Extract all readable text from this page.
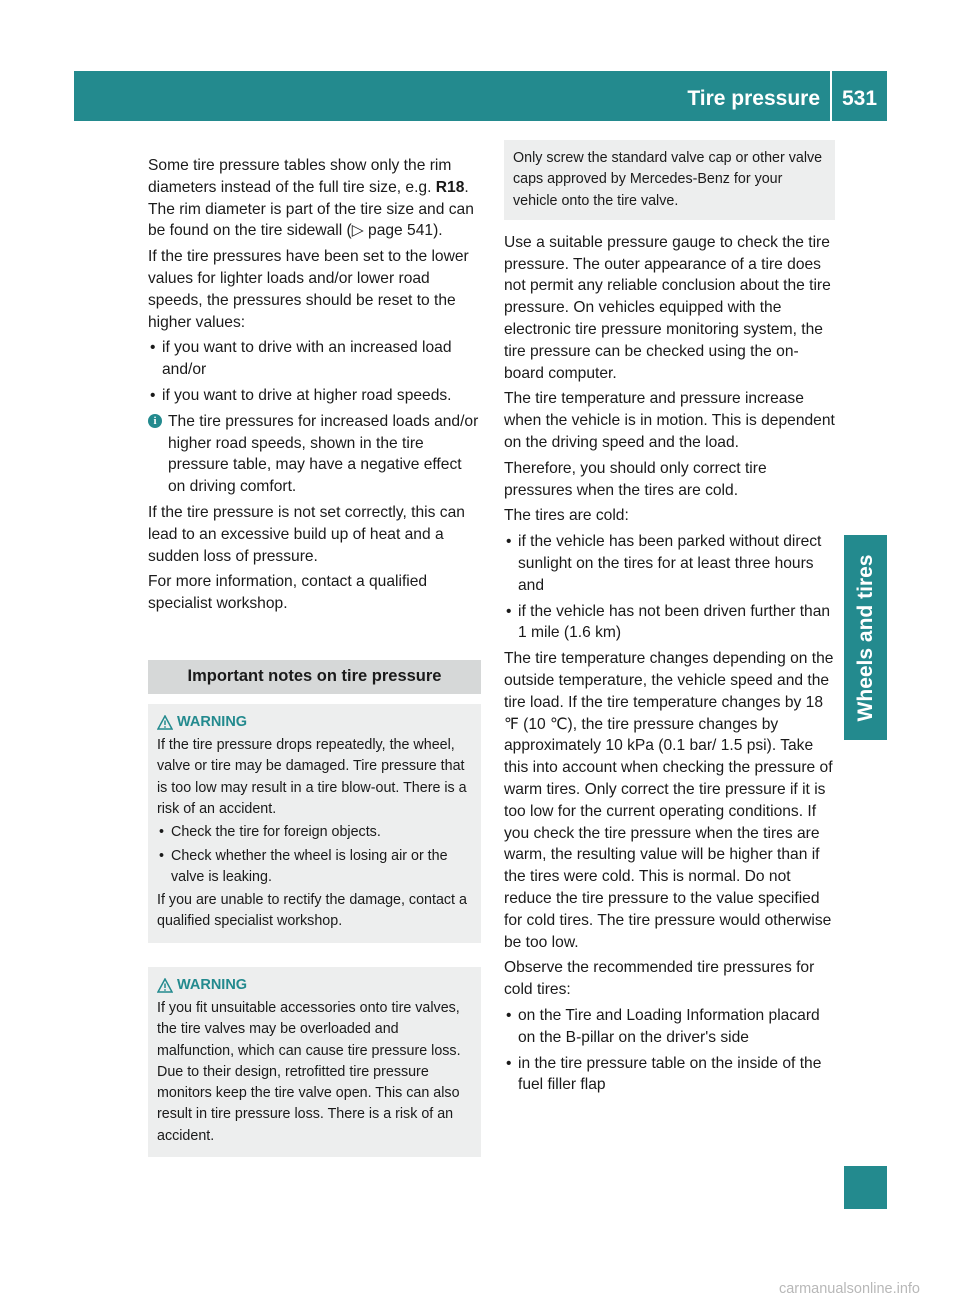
Tire pressure	531
Wheels and tires

Some tire pressure tables show only the rim diameters instead of the full tire size, e.g. R18. The rim diameter is part of the tire size and can be found on the tire sidewall (▷ page 541).

If the tire pressures have been set to the lower values for lighter loads and/or lower road speeds, the pressures should be reset to the higher values:

• if you want to drive with an increased load and/or
• if you want to drive at higher road speeds.
i The tire pressures for increased loads and/or higher road speeds, shown in the tire pressure table, may have a negative effect on driving comfort.

If the tire pressure is not set correctly, this can lead to an excessive build up of heat and a sudden loss of pressure.

For more information, contact a qualified specialist workshop.

Important notes on tire pressure
WARNING

If the tire pressure drops repeatedly, the wheel, valve or tire may be damaged. Tire pressure that is too low may result in a tire blow-out. There is a risk of an accident.

• Check the tire for foreign objects.
• Check whether the wheel is losing air or the valve is leaking.

If you are unable to rectify the damage, contact a qualified specialist workshop.

WARNING

If you fit unsuitable accessories onto tire valves, the tire valves may be overloaded and malfunction, which can cause tire pressure loss. Due to their design, retrofitted tire pressure monitors keep the tire valve open. This can also result in tire pressure loss. There is a risk of an accident.

Only screw the standard valve cap or other valve caps approved by Mercedes-Benz for your vehicle onto the tire valve.

Use a suitable pressure gauge to check the tire pressure. The outer appearance of a tire does not permit any reliable conclusion about the tire pressure. On vehicles equipped with the electronic tire pressure monitoring system, the tire pressure can be checked using the on-board computer.

The tire temperature and pressure increase when the vehicle is in motion. This is dependent on the driving speed and the load.

Therefore, you should only correct tire pressures when the tires are cold.

The tires are cold:

• if the vehicle has been parked without direct sunlight on the tires for at least three hours and
• if the vehicle has not been driven further than 1 mile (1.6 km)

The tire temperature changes depending on the outside temperature, the vehicle speed and the tire load. If the tire temperature changes by 18 ℉ (10 ℃), the tire pressure changes by approximately 10 kPa (0.1 bar/ 1.5 psi). Take this into account when checking the pressure of warm tires. Only correct the tire pressure if it is too low for the current operating conditions. If you check the tire pressure when the tires are warm, the resulting value will be higher than if the tires were cold. This is normal. Do not reduce the tire pressure to the value specified for cold tires. The tire pressure would otherwise be too low.

Observe the recommended tire pressures for cold tires:

• on the Tire and Loading Information placard on the B-pillar on the driver's side
• in the tire pressure table on the inside of the fuel filler flap
carmanualsonline.info
